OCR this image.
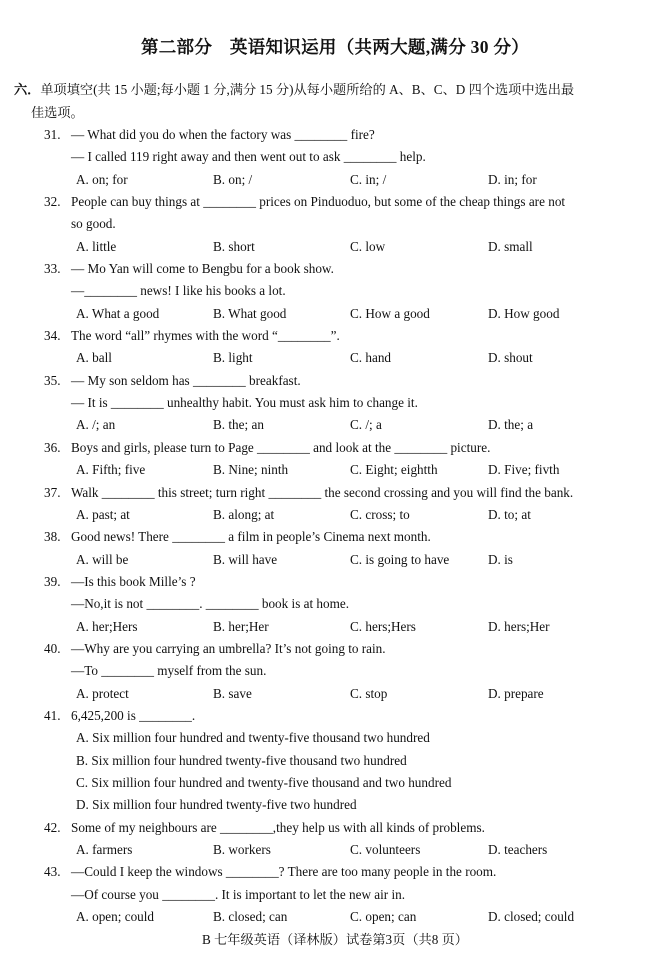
第二部分　英语知识运用（共两大题,满分 30 分）
六．单项填空(共 15 小题;每小题 1 分,满分 15 分)从每小题所给的 A、B、C、D 四个选项中选出最
佳选项。
31. — What did you do when the factory was ________ fire?
— I called 119 right away and then went out to ask ________ help.
A. on; for	B. on; /	C. in; /	D. in; for
32. People can buy things at ________ prices on Pinduoduo, but some of the cheap things are not
so good.
A. little	B. short	C. low	D. small
33. — Mo Yan will come to Bengbu for a book show.
—________ news! I like his books a lot.
A. What a good	B. What good	C. How a good	D. How good
34. The word “all” rhymes with the word “________”.
A. ball	B. light	C. hand	D. shout
35. — My son seldom has ________ breakfast.
— It is ________ unhealthy habit. You must ask him to change it.
A. /; an	B. the; an	C. /; a	D. the; a
36. Boys and girls, please turn to Page ________ and look at the ________ picture.
A. Fifth; five	B. Nine; ninth	C. Eight; eightth	D. Five; fivth
37. Walk ________ this street; turn right ________ the second crossing and you will find the bank.
A. past; at	B. along; at	C. cross; to	D. to; at
38. Good news! There ________ a film in people’s Cinema next month.
A. will be	B. will have	C. is going to have	D. is
39. —Is this book Mille’s ?
—No,it is not ________. ________ book is at home.
A. her;Hers	B. her;Her	C. hers;Hers	D. hers;Her
40. —Why are you carrying an umbrella? It’s not going to rain.
—To ________ myself from the sun.
A. protect	B. save	C. stop	D. prepare
41. 6,425,200 is ________.
A. Six million four hundred and twenty-five thousand two hundred
B. Six million four hundred twenty-five thousand two hundred
C. Six million four hundred and twenty-five thousand and two hundred
D. Six million four hundred twenty-five two hundred
42. Some of my neighbours are ________,they help us with all kinds of problems.
A. farmers	B. workers	C. volunteers	D. teachers
43. —Could I keep the windows ________? There are too many people in the room.
—Of course you ________. It is important to let the new air in.
A. open; could	B. closed; can	C. open; can	D. closed; could
B 七年级英语（译林版）试卷第3页（共8 页）
